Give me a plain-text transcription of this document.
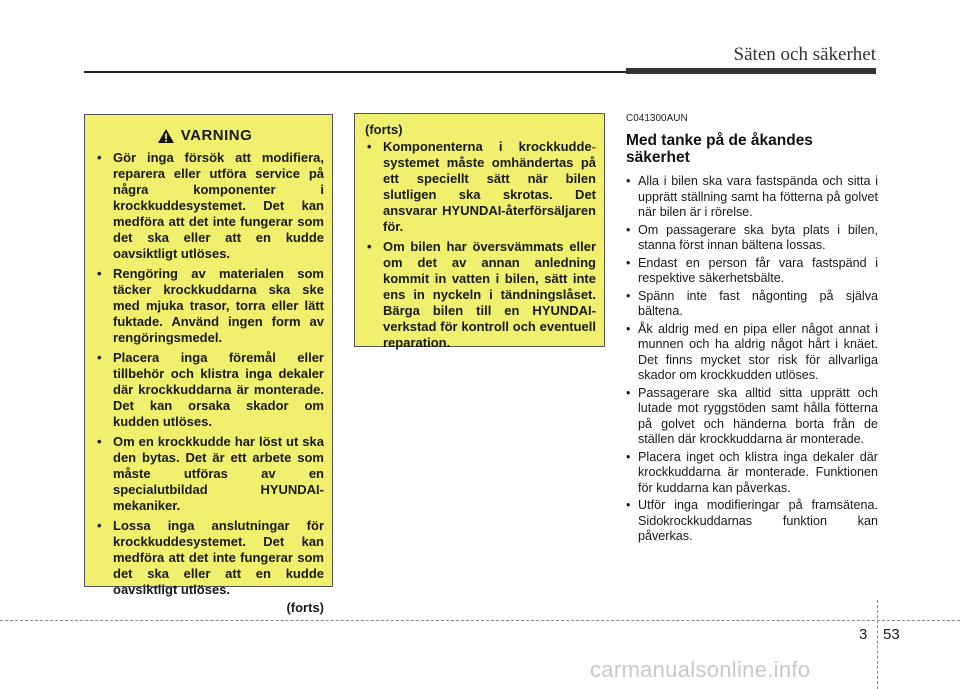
Säten och säkerhet
VARNING
• Gör inga försök att modifiera, reparera eller utföra service på några komponenter i krockkuddesystemet. Det kan medföra att det inte fungerar som det ska eller att en kudde oavsiktligt utlöses.
• Rengöring av materialen som täcker krockkuddarna ska ske med mjuka trasor, torra eller lätt fuktade. Använd ingen form av rengöringsmedel.
• Placera inga föremål eller tillbehör och klistra inga dekaler där krockkuddarna är monterade. Det kan orsaka skador om kudden utlöses.
• Om en krockkudde har löst ut ska den bytas. Det är ett arbete som måste utföras av en specialutbildad HYUNDAI-mekaniker.
• Lossa inga anslutningar för krockkuddesystemet. Det kan medföra att det inte fungerar som det ska eller att en kudde oavsiktligt utlöses.
(forts)
(forts)
• Komponenterna i krockkudde- systemet måste omhändertas på ett speciellt sätt när bilen slutligen ska skrotas. Det ansvarar HYUNDAI-återförsäljaren för.
• Om bilen har översvämmats eller om det av annan anledning kommit in vatten i bilen, sätt inte ens in nyckeln i tändningslåset. Bärga bilen till en HYUNDAI-verkstad för kontroll och eventuell reparation.
C041300AUN
Med tanke på de åkandes säkerhet
• Alla i bilen ska vara fastspända och sitta i upprätt ställning samt ha fötterna på golvet när bilen är i rörelse.
• Om passagerare ska byta plats i bilen, stanna först innan bältena lossas.
• Endast en person får vara fastspänd i respektive säkerhetsbälte.
• Spänn inte fast någonting på själva bältena.
• Åk aldrig med en pipa eller något annat i munnen och ha aldrig något hårt i knäet. Det finns mycket stor risk för allvarliga skador om krockkudden utlöses.
• Passagerare ska alltid sitta upprätt och lutade mot ryggstöden samt hålla fötterna på golvet och händerna borta från de ställen där krockkuddarna är monterade.
• Placera inget och klistra inga dekaler där krockkuddarna är monterade. Funktionen för kuddarna kan påverkas.
• Utför inga modifieringar på framsätena. Sidokrockkuddarnas funktion kan påverkas.
3 53
carmanualsonline.info
